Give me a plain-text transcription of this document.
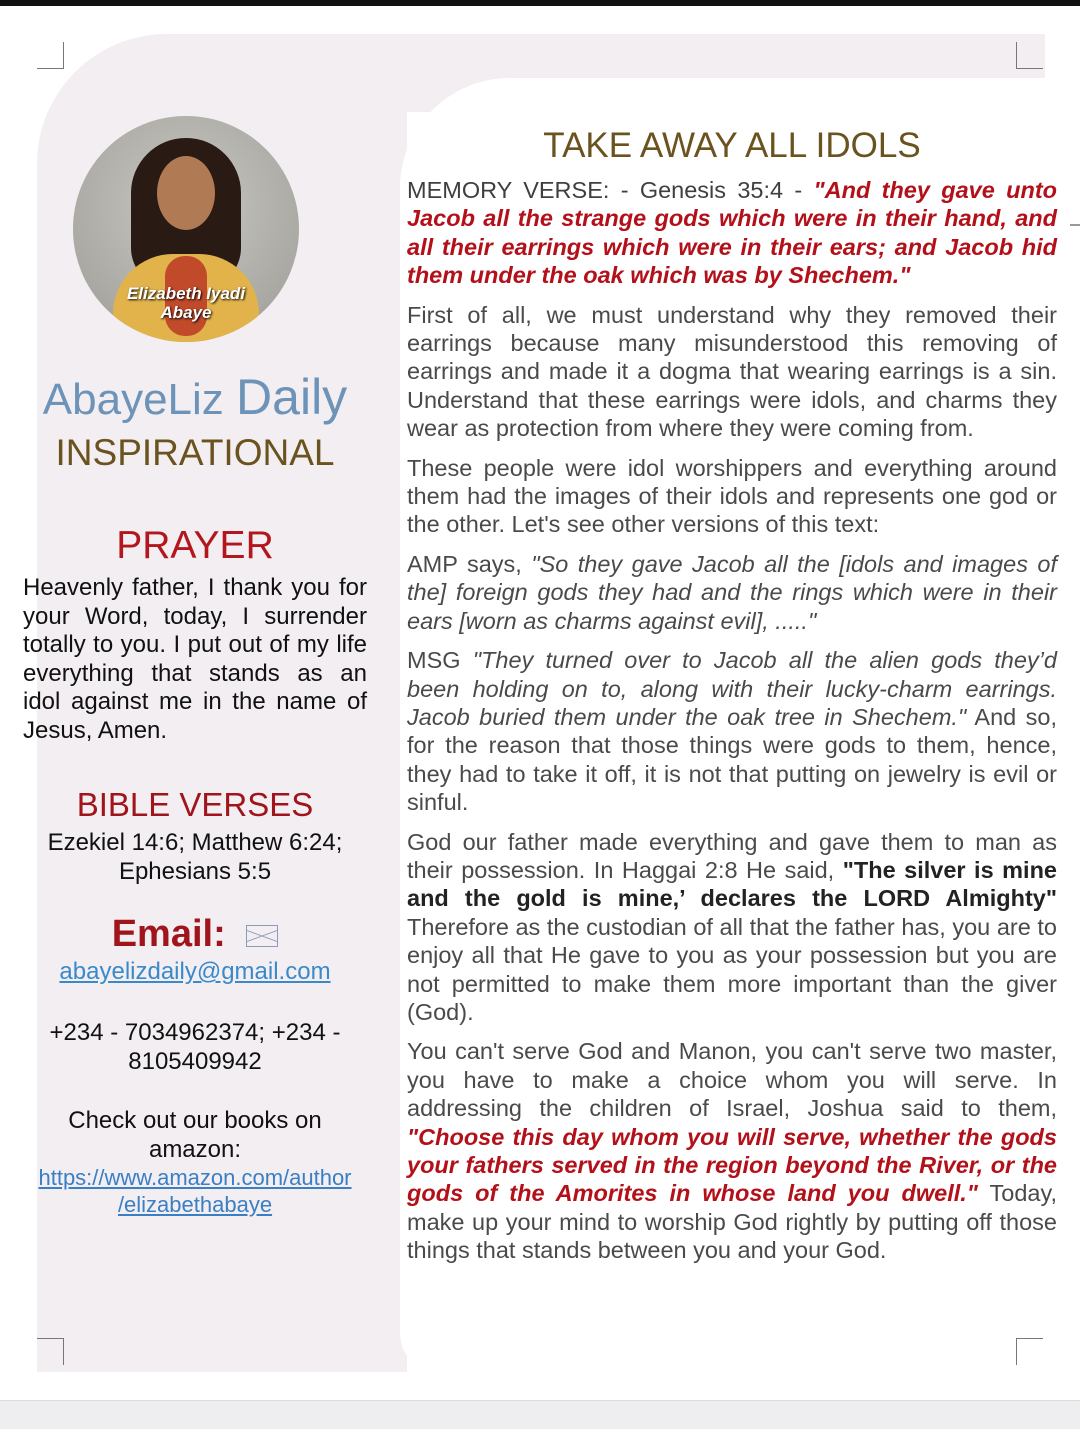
Elizabeth Iyadi
Abaye
AbayeLiz Daily
INSPIRATIONAL
PRAYER
Heavenly father, I thank you for your Word, today, I surrender totally to you. I put out of my life everything that stands as an idol against me in the name of Jesus, Amen.
BIBLE VERSES
Ezekiel 14:6; Matthew 6:24;
Ephesians 5:5
Email:
abayelizdaily@gmail.com
+234 - 7034962374; +234 -
8105409942
Check out our books on
amazon:
https://www.amazon.com/author
/elizabethabaye
TAKE AWAY ALL IDOLS

MEMORY VERSE: - Genesis 35:4 - "And they gave unto Jacob all the strange gods which were in their hand, and all their earrings which were in their ears; and Jacob hid them under the oak which was by Shechem."

First of all, we must understand why they removed their earrings because many misunderstood this removing of earrings and made it a dogma that wearing earrings is a sin. Understand that these earrings were idols, and charms they wear as protection from where they were coming from.

These people were idol worshippers and everything around them had the images of their idols and represents one god or the other. Let's see other versions of this text:

AMP says, "So they gave Jacob all the [idols and images of the] foreign gods they had and the rings which were in their ears [worn as charms against evil], ....."

MSG "They turned over to Jacob all the alien gods they’d been holding on to, along with their lucky-charm earrings. Jacob buried them under the oak tree in Shechem." And so, for the reason that those things were gods to them, hence, they had to take it off, it is not that putting on jewelry is evil or sinful.

God our father made everything and gave them to man as their possession. In Haggai 2:8 He said, "The silver is mine and the gold is mine,’ declares the LORD Almighty" Therefore as the custodian of all that the father has, you are to enjoy all that He gave to you as your possession but you are not permitted to make them more important than the giver (God).

You can't serve God and Manon, you can't serve two master, you have to make a choice whom you will serve. In addressing the children of Israel, Joshua said to them, "Choose this day whom you will serve, whether the gods your fathers served in the region beyond the River, or the gods of the Amorites in whose land you dwell." Today, make up your mind to worship God rightly by putting off those things that stands between you and your God.
